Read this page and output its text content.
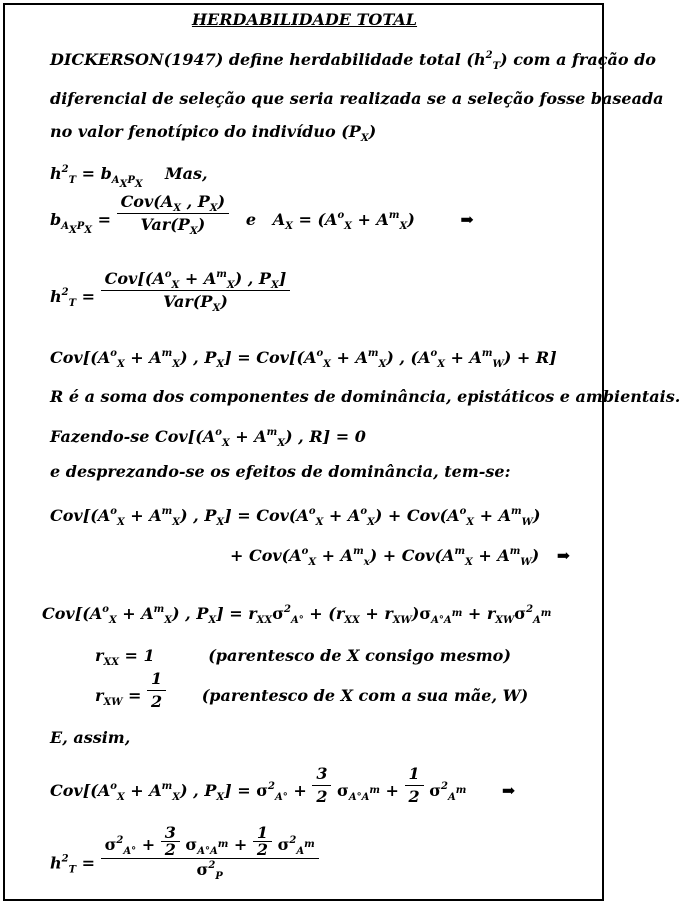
HERDABILIDADE TOTAL
DICKERSON(1947) define herdabilidade total $(h^2_T)$ com a fração do
diferencial de seleção que seria realizada se a seleção fosse baseada
no valor fenotípico do indivíduo $(P_X)$
$h^2_T = b_{A_XP_X}$    Mas,
$b_{A_XP_X} = \frac{Cov(A_X , P_X)}{Var(P_X)}$ e   $A_X = (A^o_X + A^m_X)$	➡
$h^2_T = \frac{Cov[(A^o_X + A^m_X) , P_X]}{Var(P_X)}$
$Cov[(A^o_X + A^m_X)$ , $P_X] = Cov[(A^o_X + A^m_X)$ , $(A^o_X + A^m_W) + R$]
R é a soma dos componentes de dominância, epistáticos e ambientais.
Fazendo-se $Cov[(A^o_X + A^m_X)$ , R] = 0
e desprezando-se os efeitos de dominância, tem-se:
$Cov[(A^o_X + A^m_X)$ , $P_X] = Cov(A^o_X + A^o_X) + Cov(A^o_X + A^m_W)$
+ $Cov(A^o_X + A^m_x) + Cov(A^m_X + A^m_W)$ ➡
$Cov[(A^o_X + A^m_X)$ , $P_X] = r_{XX}\sigma^2_{A^\circ} + (r_{XX} + r_{XW})\sigma_{A^\circ A^m} + r_{XW}\sigma^2_{A^m}$
$r_{XX} = 1$	(parentesco de X consigo mesmo)
$r_{XW} = \frac{1}{2}$ (parentesco de X com a sua mãe, W)
E, assim,
$Cov[(A^o_X + A^m_X)$ , $P_X] = \sigma^2_{A^\circ} + \frac{3}{2} \sigma_{A^\circ A^m} + \frac{1}{2} \sigma^2_{A^m}$ ➡
$h^2_T = \frac{\sigma^2_{A^\circ} + \frac{3}{2} \sigma_{A^\circ A^m} + \frac{1}{2} \sigma^2_{A^m}}{\sigma^2_P}$
